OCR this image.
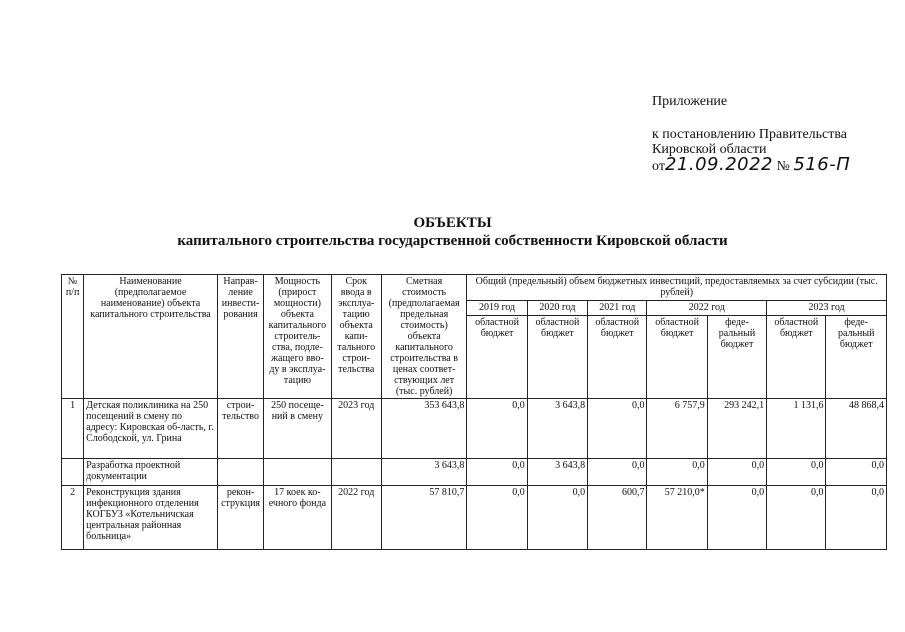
Приложение
к постановлению Правительства
Кировской области
от21.09.2022 № 516-П
ОБЪЕКТЫ
капитального строительства государственной собственности Кировской области
№ п/п	Наименование (предполагаемое наименование) объекта капитального строительства	Направ-ление инвести-рования	Мощность (прирост мощности) объекта капитального строитель-ства, подле-жащего вво-ду в эксплуа-тацию	Срок ввода в эксплуа-тацию объекта капи-тального строи-тельства	Сметная стоимость (предполагаемая предельная стоимость) объекта капитального строительства в ценах соответ-ствующих лет (тыс. рублей)	Общий (предельный) объем бюджетных инвестиций, предоставляемых за счет субсидии (тыс. рублей)						
						2019 год	2020 год	2021 год	2022 год		2023 год	
						областной бюджет	областной бюджет	областной бюджет	областной бюджет	феде-ральный бюджет	областной бюджет	феде-ральный бюджет
1	Детская поликлиника на 250 посещений в смену по адресу: Кировская об-ласть, г. Слободской, ул. Грина	строи-тельство	250 посеще-ний в смену	2023 год	353 643,8	0,0	3 643,8	0,0	6 757,9	293 242,1	1 131,6	48 868,4
	Разработка проектной документации				3 643,8	0,0	3 643,8	0,0	0,0	0,0	0,0	0,0
2	Реконструкция здания инфекционного отделения КОГБУЗ «Котельничская центральная районная больница»	рекон-струкция	17 коек ко-ечного фонда	2022 год	57 810,7	0,0	0,0	600,7	57 210,0*	0,0	0,0	0,0
